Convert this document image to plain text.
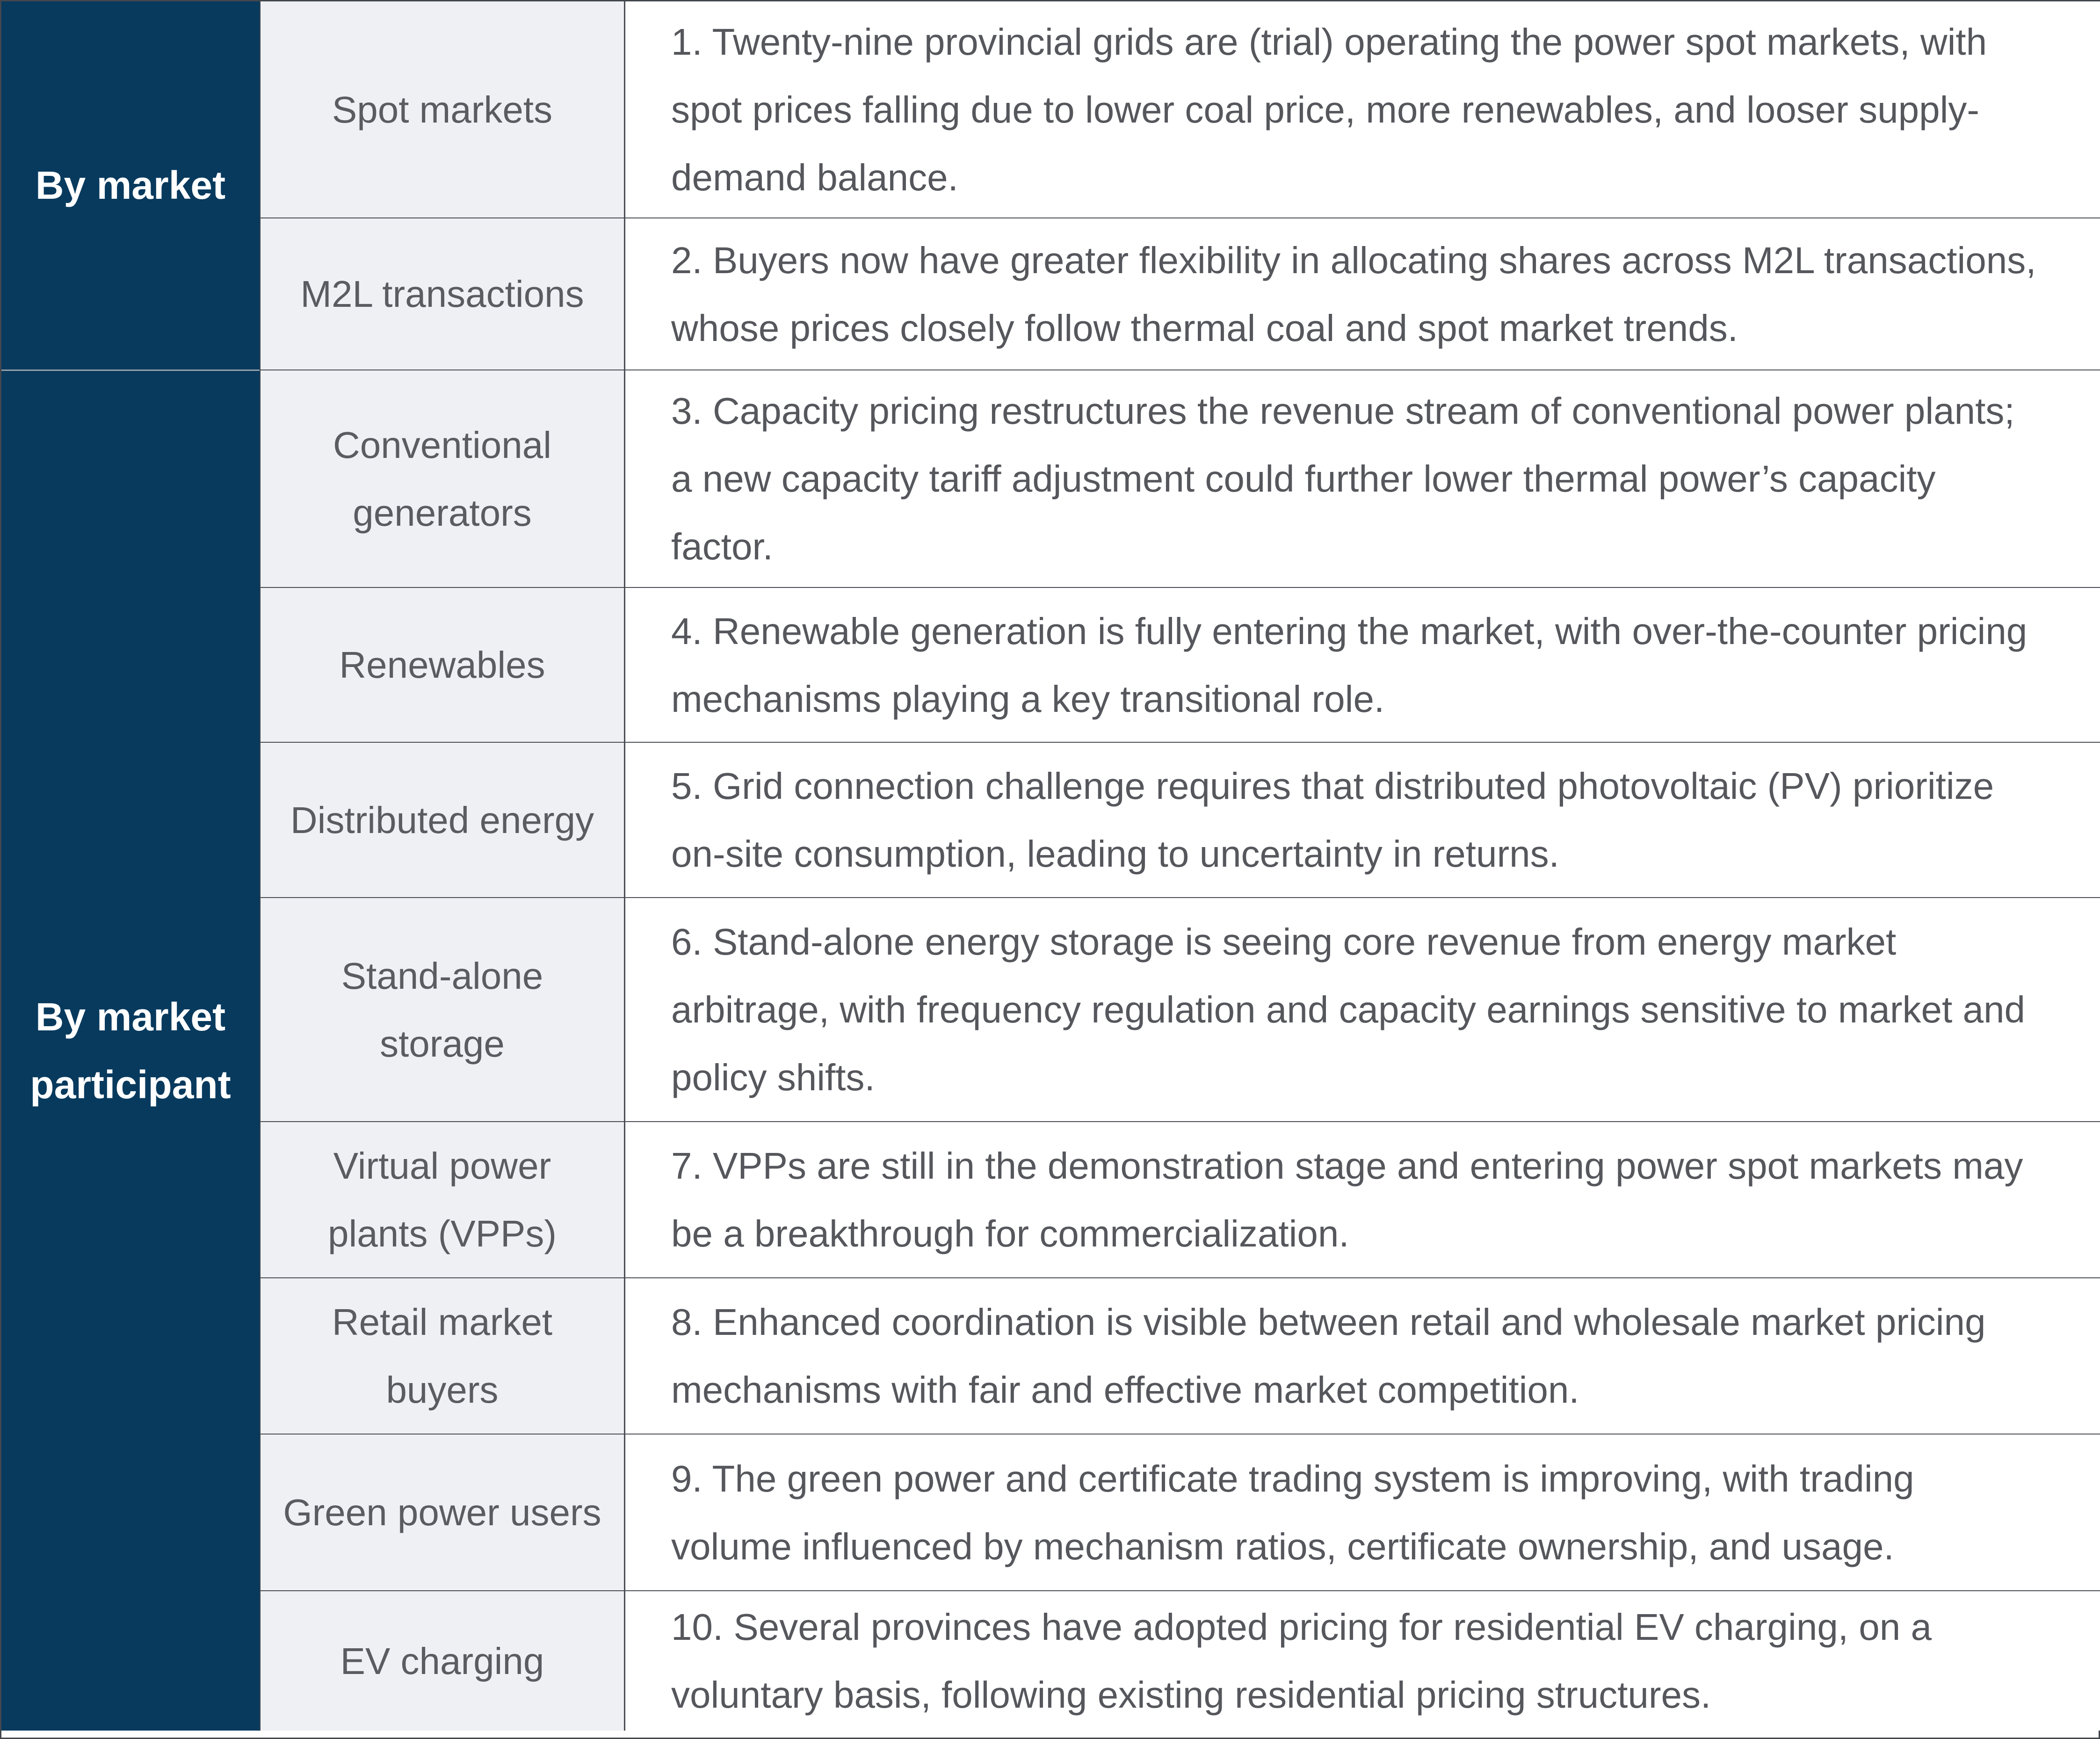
By market
By market participant
Spot markets
1. Twenty-nine provincial grids are (trial) operating the power spot markets, with spot prices falling due to lower coal price, more renewables, and looser supply-demand balance.
M2L transactions
2. Buyers now have greater flexibility in allocating shares across M2L transactions, whose prices closely follow thermal coal and spot market trends.
Conventional generators
3. Capacity pricing restructures the revenue stream of conventional power plants; a new capacity tariff adjustment could further lower thermal power’s capacity factor.
Renewables
4. Renewable generation is fully entering the market, with over-the-counter pricing mechanisms playing a key transitional role.
Distributed energy
5. Grid connection challenge requires that distributed photovoltaic (PV) prioritize on-site consumption, leading to uncertainty in returns.
Stand-alone storage
6. Stand-alone energy storage is seeing core revenue from energy market arbitrage, with frequency regulation and capacity earnings sensitive to market and policy shifts.
Virtual power plants (VPPs)
7. VPPs are still in the demonstration stage and entering power spot markets may be a breakthrough for commercialization.
Retail market buyers
8. Enhanced coordination is visible between retail and wholesale market pricing mechanisms with fair and effective market competition.
Green power users
9. The green power and certificate trading system is improving, with trading volume influenced by mechanism ratios, certificate ownership, and usage.
EV charging
10. Several provinces have adopted pricing for residential EV charging, on a voluntary basis, following existing residential pricing structures.
